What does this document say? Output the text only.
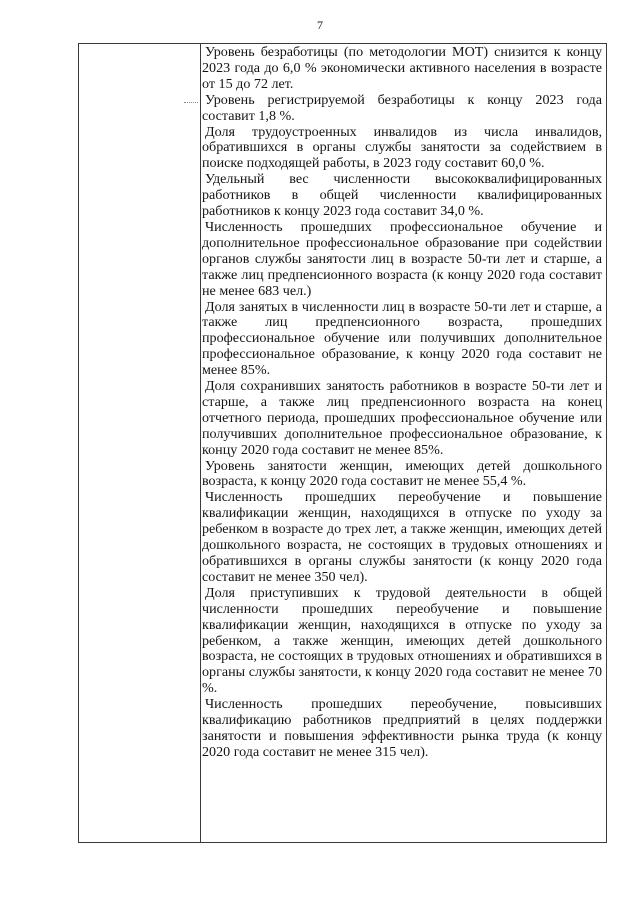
7

Уровень безработицы (по методологии МОТ) снизится к концу 2023 года до 6,0 % экономически активного населения в возрасте от 15 до 72 лет.

Уровень регистрируемой безработицы к концу 2023 года составит 1,8 %.

Доля трудоустроенных инвалидов из числа инвалидов, обратившихся в органы службы занятости за содействием в поиске подходящей работы, в 2023 году составит 60,0 %.

Удельный вес численности высококвалифицированных работников в общей численности квалифицированных работников к концу 2023 года составит 34,0 %.

Численность прошедших профессиональное обучение и дополнительное профессиональное образование при содействии органов службы занятости лиц в возрасте 50-ти лет и старше, а также лиц предпенсионного возраста (к концу 2020 года составит не менее 683 чел.)

Доля занятых в численности лиц в возрасте 50-ти лет и старше, а также лиц предпенсионного возраста, прошедших профессиональное обучение или получивших дополнительное профессиональное образование, к концу 2020 года составит не менее 85%.

Доля сохранивших занятость работников в возрасте 50-ти лет и старше, а также лиц предпенсионного возраста на конец отчетного периода, прошедших профессиональное обучение или получивших дополнительное профессиональное образование, к концу 2020 года составит не менее 85%.

Уровень занятости женщин, имеющих детей дошкольного возраста, к концу 2020 года составит не менее 55,4 %.

Численность прошедших переобучение и повышение квалификации женщин, находящихся в отпуске по уходу за ребенком в возрасте до трех лет, а также женщин, имеющих детей дошкольного возраста, не состоящих в трудовых отношениях и обратившихся в органы службы занятости (к концу 2020 года составит не менее 350 чел).

Доля приступивших к трудовой деятельности в общей численности прошедших переобучение и повышение квалификации женщин, находящихся в отпуске по уходу за ребенком, а также женщин, имеющих детей дошкольного возраста, не состоящих в трудовых отношениях и обратившихся в органы службы занятости, к концу 2020 года составит не менее 70 %.

Численность прошедших переобучение, повысивших квалификацию работников предприятий в целях поддержки занятости и повышения эффективности рынка труда (к концу 2020 года составит не менее 315 чел).
